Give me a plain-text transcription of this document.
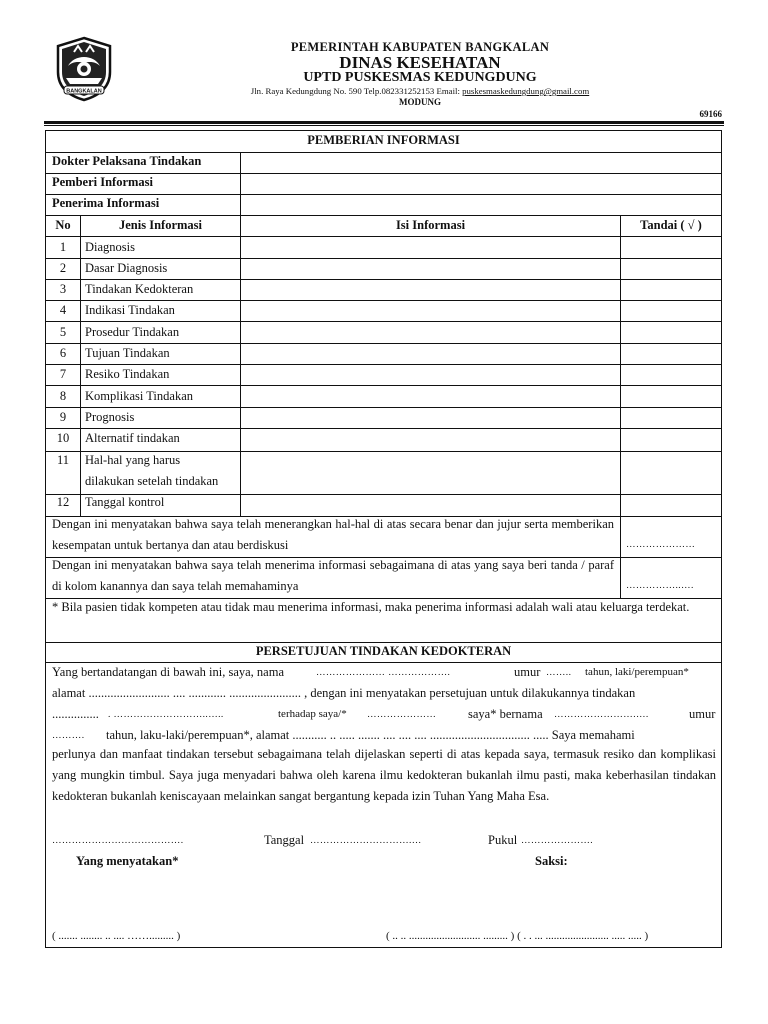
BANGKALAN
PEMERINTAH KABUPATEN BANGKALAN
DINAS KESEHATAN
UPTD PUSKESMAS KEDUNGDUNG
Jln. Raya Kedungdung No. 590 Telp.082331252153 Email: puskesmaskedungdung@gmail.com
MODUNG
69166
PEMBERIAN INFORMASI
Dokter Pelaksana Tindakan
Pemberi Informasi
Penerima Informasi
No	Jenis Informasi	Isi Informasi	Tandai ( √ )
1	Diagnosis
2	Dasar Diagnosis
3	Tindakan Kedokteran
4	Indikasi Tindakan
5	Prosedur Tindakan
6	Tujuan Tindakan
7	Resiko Tindakan
8	Komplikasi Tindakan
9	Prognosis
10	Alternatif tindakan
11	Hal-hal yang harus
dilakukan setelah tindakan
12	Tanggal kontrol
Dengan ini menyatakan bahwa saya telah menerangkan hal-hal di atas secara benar dan jujur serta memberikan kesempatan untuk bertanya dan atau berdiskusi	…………………
Dengan ini menyatakan bahwa saya telah menerima informasi sebagaimana di atas yang saya beri tanda / paraf di kolom kanannya dan saya telah memahaminya	……………..….
* Bila pasien tidak kompeten atau tidak mau menerima informasi, maka penerima informasi adalah wali atau keluarga terdekat.
PERSETUJUAN TINDAKAN KEDOKTERAN
Yang bertandatangan di bawah ini, saya, nama	………………… ……………….	umur …….. tahun, laki/perempuan*
alamat .......................... .... ............ ....................... , dengan ini menyatakan persetujuan untuk dilakukannya tindakan
............... . ………………………..…..	terhadap saya/* …………………	saya* bernama …………………….….	umur
………. tahun, laku-laki/perempuan*, alamat ........... .. ..... ....... .... .... .... ................................ ..... Saya memahami
perlunya dan manfaat tindakan tersebut sebagaimana telah dijelaskan seperti di atas kepada saya, termasuk resiko dan komplikasi yang mungkin timbul. Saya juga menyadari bahwa oleh karena ilmu kedokteran bukanlah ilmu pasti, maka keberhasilan tindakan kedokteran bukanlah keniscayaan melainkan sangat bergantung kepada izin Tuhan Yang Maha Esa.
………………………………….	Tanggal ………………………….…	Pukul ………………….
Yang menyatakan*	Saksi:
( ....... ........ .. .... ……......... )	( .. .. .......................... ......... ) ( . . ... ....................... ..... ..... )
